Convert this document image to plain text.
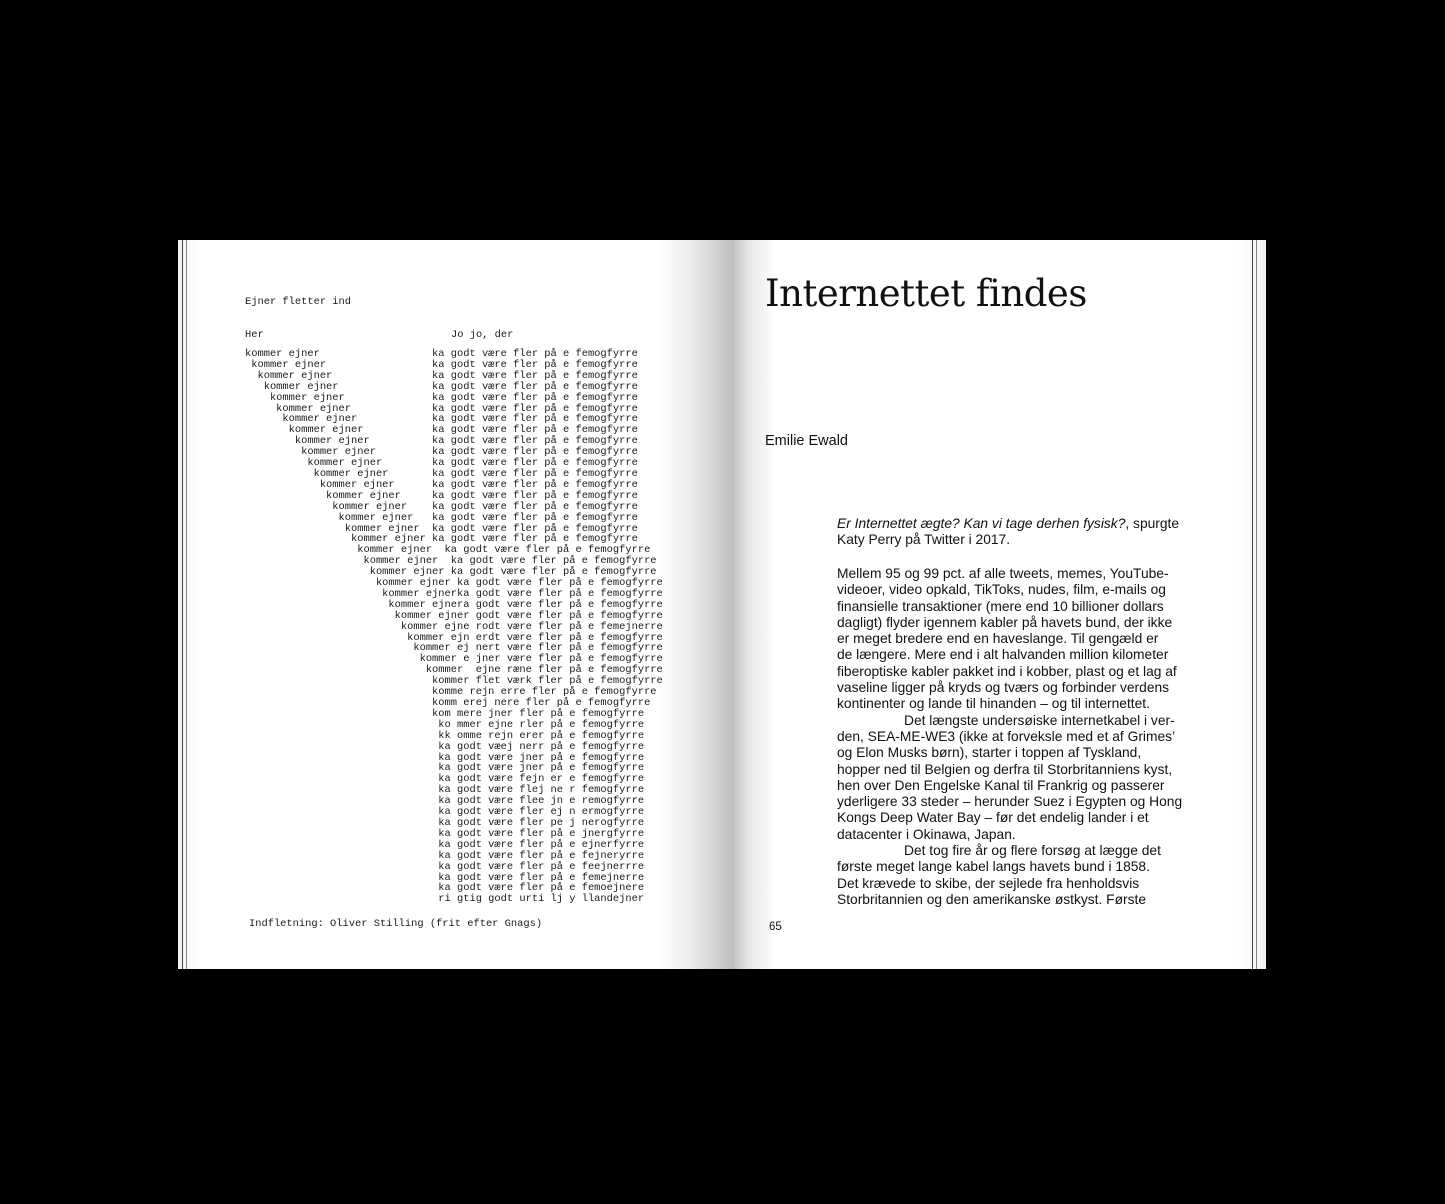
Ejner fletter ind
Her	Jo jo, der
kommer ejner                  ka godt være fler på e femogfyrre
kommer ejner                 ka godt være fler på e femogfyrre
kommer ejner                ka godt være fler på e femogfyrre
kommer ejner               ka godt være fler på e femogfyrre
kommer ejner              ka godt være fler på e femogfyrre
kommer ejner             ka godt være fler på e femogfyrre
kommer ejner            ka godt være fler på e femogfyrre
kommer ejner           ka godt være fler på e femogfyrre
kommer ejner          ka godt være fler på e femogfyrre
kommer ejner         ka godt være fler på e femogfyrre
kommer ejner        ka godt være fler på e femogfyrre
kommer ejner       ka godt være fler på e femogfyrre
kommer ejner      ka godt være fler på e femogfyrre
kommer ejner     ka godt være fler på e femogfyrre
kommer ejner    ka godt være fler på e femogfyrre
kommer ejner   ka godt være fler på e femogfyrre
kommer ejner  ka godt være fler på e femogfyrre
kommer ejner ka godt være fler på e femogfyrre
kommer ejner  ka godt være fler på e femogfyrre
kommer ejner  ka godt være fler på e femogfyrre
kommer ejner ka godt være fler på e femogfyrre
kommer ejner ka godt være fler på e femogfyrre
kommer ejnerka godt være fler på e femogfyrre
kommer ejnera godt være fler på e femogfyrre
kommer ejner godt være fler på e femogfyrre
kommer ejne rodt være fler på e femejnerre
kommer ejn erdt være fler på e femogfyrre
kommer ej nert være fler på e femogfyrre
kommer e jner være fler på e femogfyrre
kommer  ejne ræne fler på e femogfyrre
kommer flet værk fler på e femogfyrre
komme rejn erre fler på e femogfyrre
komm erej nere fler på e femogfyrre
kom mere jner fler på e femogfyrre
ko mmer ejne rler på e femogfyrre
kk omme rejn erer på e femogfyrre
ka godt væej nerr på e femogfyrre
ka godt være jner på e femogfyrre
ka godt være jner på e femogfyrre
ka godt være fejn er e femogfyrre
ka godt være flej ne r femogfyrre
ka godt være flee jn e remogfyrre
ka godt være fler ej n ermogfyrre
ka godt være fler pe j nerogfyrre
ka godt være fler på e jnergfyrre
ka godt være fler på e ejnerfyrre
ka godt være fler på e fejneryrre
ka godt være fler på e feejnerrre
ka godt være fler på e femejnerre
ka godt være fler på e femoejnere
ri gtig godt urti lj y llandejner
Indfletning: Oliver Stilling (frit efter Gnags)
Internettet findes
Emilie Ewald
Er Internettet ægte? Kan vi tage derhen fysisk?, spurgte
Katy Perry på Twitter i 2017.
Mellem 95 og 99 pct. af alle tweets, memes, YouTube-
videoer, video opkald, TikToks, nudes, film, e-mails og
finansielle transaktioner (mere end 10 billioner dollars
dagligt) flyder igennem kabler på havets bund, der ikke
er meget bredere end en haveslange. Til gengæld er
de længere. Mere end i alt halvanden million kilometer
fiberoptiske kabler pakket ind i kobber, plast og et lag af
vaseline ligger på kryds og tværs og forbinder verdens
kontinenter og lande til hinanden – og til internettet.
Det længste undersøiske internetkabel i ver-
den, SEA-ME-WE3 (ikke at forveksle med et af Grimes’
og Elon Musks børn), starter i toppen af Tyskland,
hopper ned til Belgien og derfra til Storbritanniens kyst,
hen over Den Engelske Kanal til Frankrig og passerer
yderligere 33 steder – herunder Suez i Egypten og Hong
Kongs Deep Water Bay – før det endelig lander i et
datacenter i Okinawa, Japan.
Det tog fire år og flere forsøg at lægge det
første meget lange kabel langs havets bund i 1858.
Det krævede to skibe, der sejlede fra henholdsvis
Storbritannien og den amerikanske østkyst. Første
65
